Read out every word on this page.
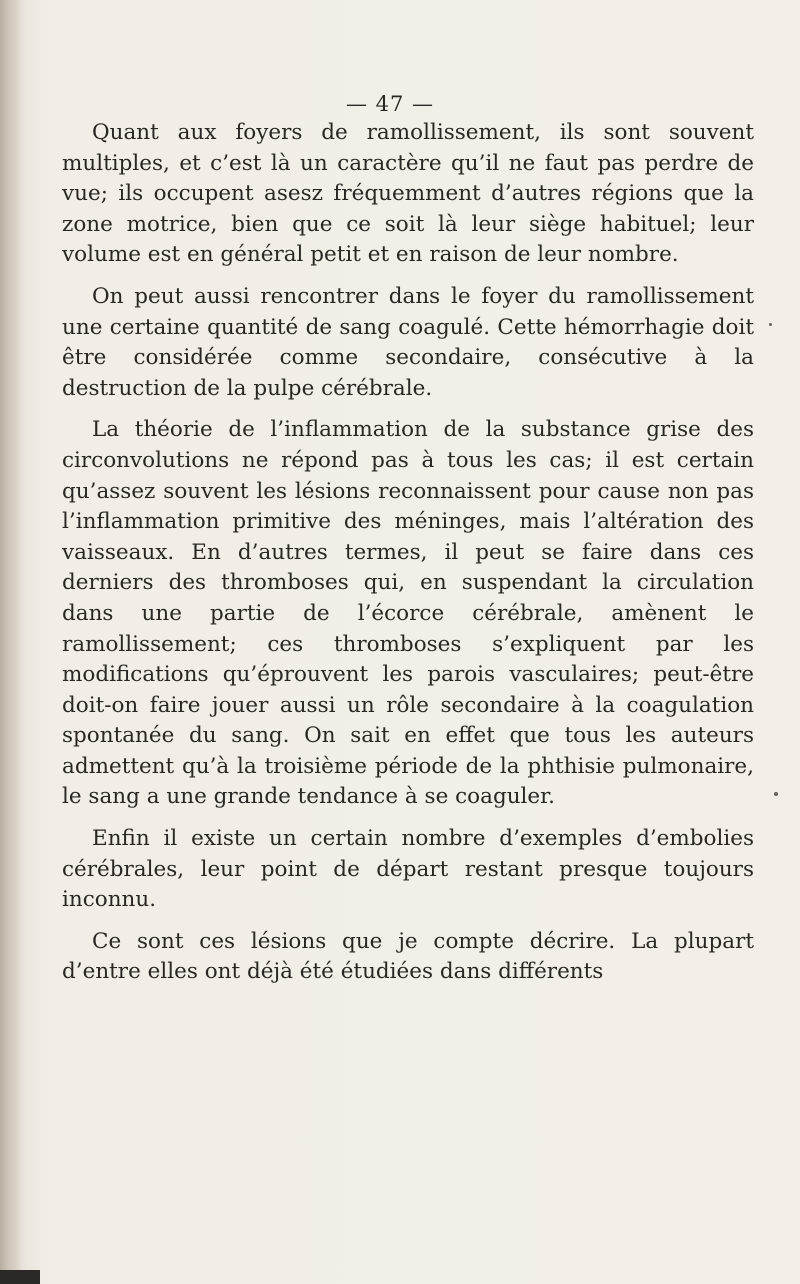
— 47 —

Quant aux foyers de ramollissement, ils sont souvent multiples, et c’est là un caractère qu’il ne faut pas perdre de vue; ils occupent asesz fréquemment d’autres régions que la zone motrice, bien que ce soit là leur siège habituel; leur volume est en général petit et en raison de leur nombre.

On peut aussi rencontrer dans le foyer du ramollissement une certaine quantité de sang coagulé. Cette hémorrhagie doit être considérée comme secondaire, consécutive à la destruction de la pulpe cérébrale.

La théorie de l’inflammation de la substance grise des circonvolutions ne répond pas à tous les cas; il est certain qu’assez souvent les lésions reconnaissent pour cause non pas l’inflammation primitive des méninges, mais l’altération des vaisseaux. En d’autres termes, il peut se faire dans ces derniers des thromboses qui, en suspendant la circulation dans une partie de l’écorce cérébrale, amènent le ramollissement; ces thromboses s’expliquent par les modifications qu’éprouvent les parois vasculaires; peut-être doit-on faire jouer aussi un rôle secondaire à la coagulation spontanée du sang. On sait en effet que tous les auteurs admettent qu’à la troisième période de la phthisie pulmonaire, le sang a une grande tendance à se coaguler.

Enfin il existe un certain nombre d’exemples d’embolies cérébrales, leur point de départ restant presque toujours inconnu.

Ce sont ces lésions que je compte décrire. La plupart d’entre elles ont déjà été étudiées dans différents
